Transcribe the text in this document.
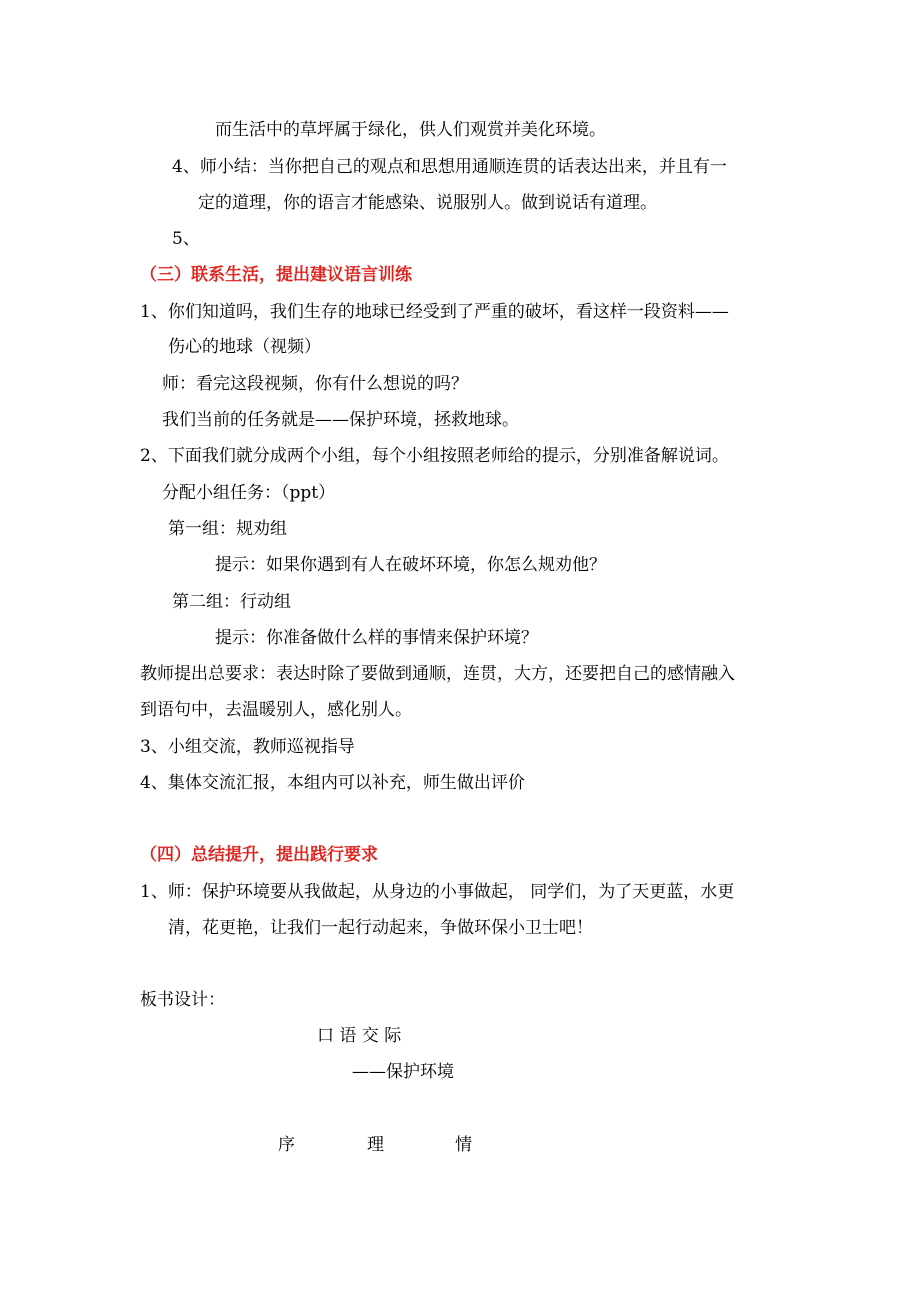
而生活中的草坪属于绿化，供人们观赏并美化环境。
4、师小结：当你把自己的观点和思想用通顺连贯的话表达出来，并且有一
定的道理，你的语言才能感染、说服别人。做到说话有道理。
5、
（三）联系生活，提出建议语言训练
1、你们知道吗，我们生存的地球已经受到了严重的破坏，看这样一段资料——
伤心的地球（视频）
师：看完这段视频，你有什么想说的吗？
我们当前的任务就是——保护环境，拯救地球。
2、下面我们就分成两个小组，每个小组按照老师给的提示，分别准备解说词。
分配小组任务：（ppt）
第一组：规劝组
提示：如果你遇到有人在破坏环境，你怎么规劝他？
第二组：行动组
提示：你准备做什么样的事情来保护环境？
教师提出总要求：表达时除了要做到通顺，连贯，大方，还要把自己的感情融入
到语句中，去温暖别人，感化别人。
3、小组交流，教师巡视指导
4、集体交流汇报，本组内可以补充，师生做出评价
（四）总结提升，提出践行要求
1、师：保护环境要从我做起，从身边的小事做起， 同学们，为了天更蓝，水更
清，花更艳，让我们一起行动起来，争做环保小卫士吧！
板书设计：
口 语 交 际
——保护环境
序	理	情
